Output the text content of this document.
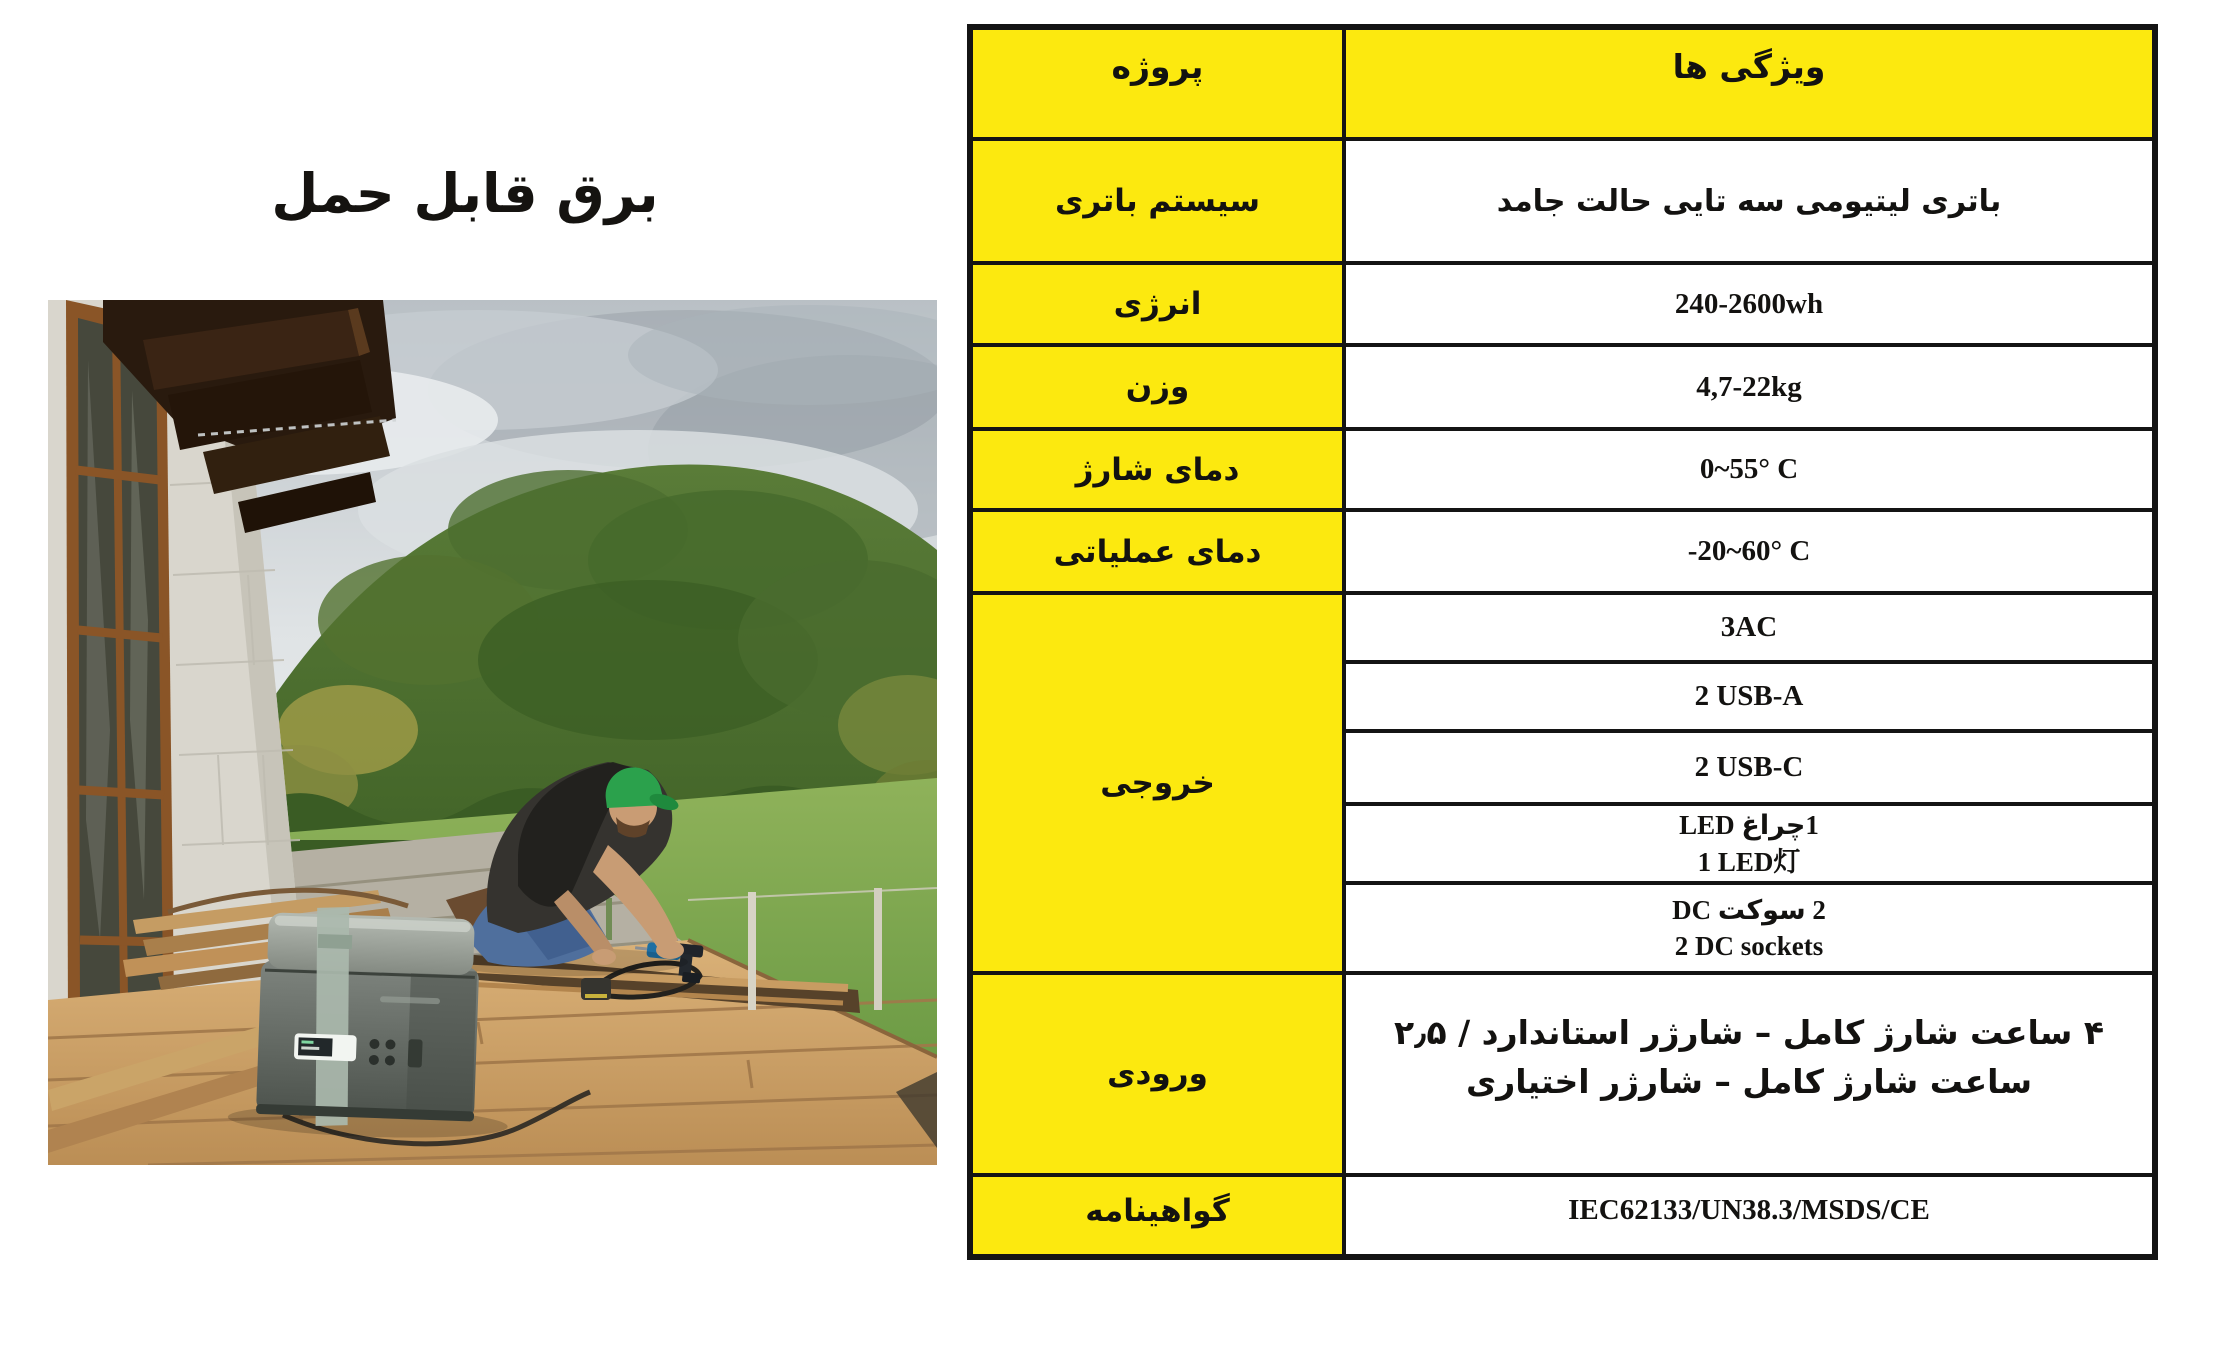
برق قابل حمل
پروژه	ویژگی ها
سیستم باتری	باتری لیتیومی سه تایی حالت جامد
انرژی	240-2600wh
وزن	4,7-22kg
دمای شارژ	0~55° C
دمای عملیاتی	-20~60° C
خروجی	3AC
	2 USB-A
	2 USB-C

	1چراغ LED
1 LED灯

	2 سوکت DC
2 DC sockets

ورودی	۴ ساعت شارژ کامل – شارژر استاندارد / ۲٫۵ ساعت شارژ کامل – شارژر اختیاری
گواهینامه	IEC62133/UN38.3/MSDS/CE
